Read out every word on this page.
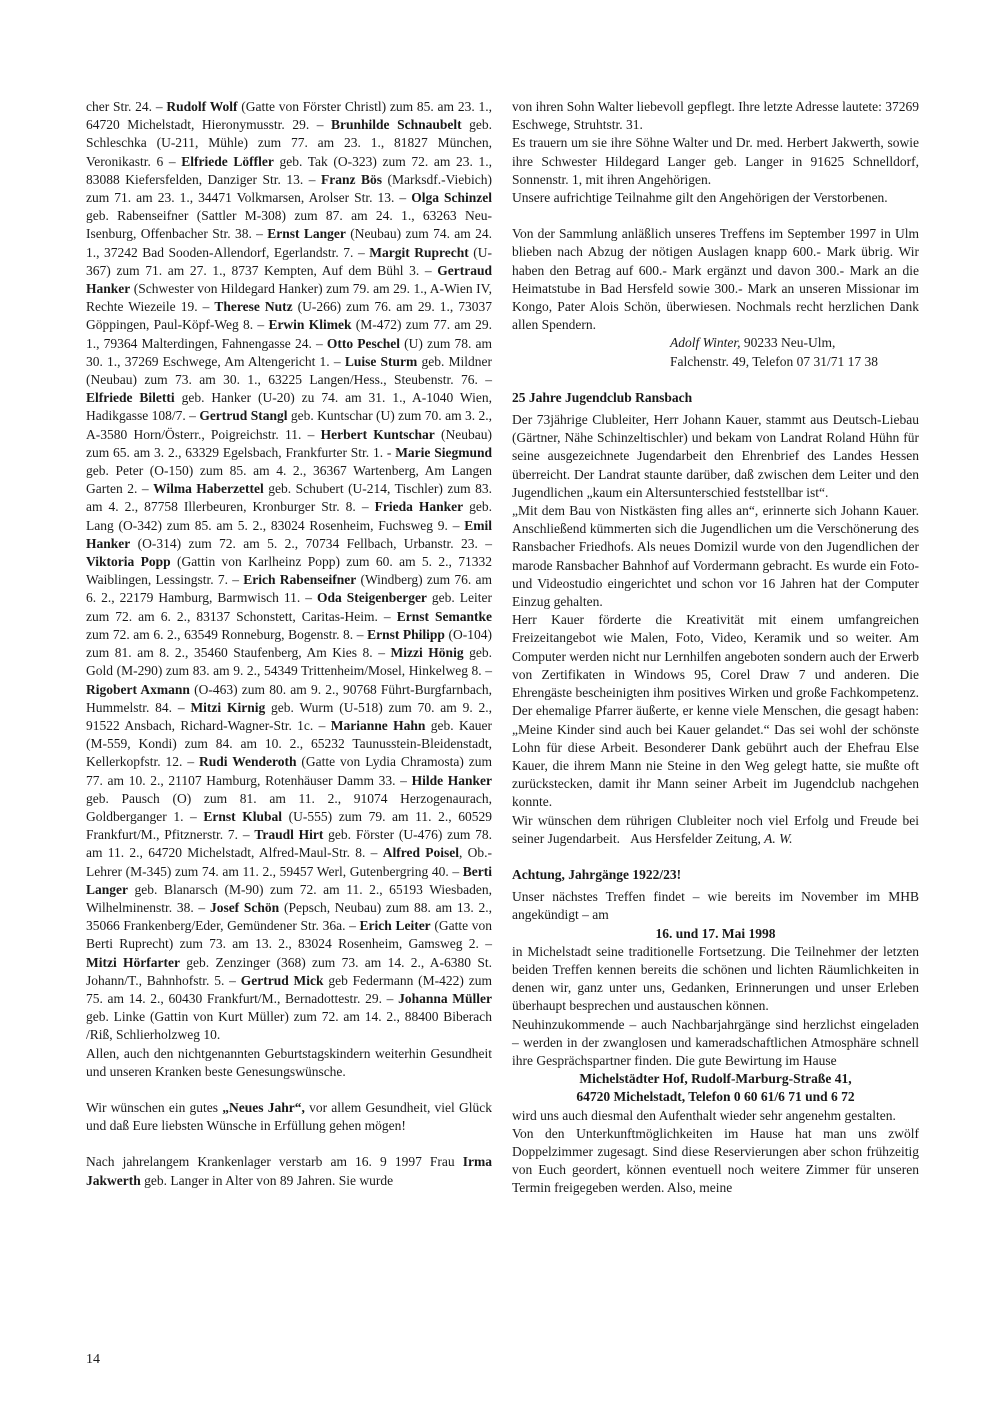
cher Str. 24. – Rudolf Wolf (Gatte von Förster Christl) zum 85. am 23. 1., 64720 Michelstadt, Hieronymusstr. 29. – Brunhilde Schnaubelt geb. Schleschka (U-211, Mühle) zum 77. am 23. 1., 81827 München, Veronikastr. 6 – Elfriede Löffler geb. Tak (O-323) zum 72. am 23. 1., 83088 Kiefersfelden, Danziger Str. 13. – Franz Bös (Marksdf.-Viebich) zum 71. am 23. 1., 34471 Volkmarsen, Arolser Str. 13. – Olga Schinzel geb. Rabenseifner (Sattler M-308) zum 87. am 24. 1., 63263 Neu-Isenburg, Offenbacher Str. 38. – Ernst Langer (Neubau) zum 74. am 24. 1., 37242 Bad Sooden-Allendorf, Egerlandstr. 7. – Margit Ruprecht (U-367) zum 71. am 27. 1., 8737 Kempten, Auf dem Bühl 3. – Gertraud Hanker (Schwester von Hildegard Hanker) zum 79. am 29. 1., A-Wien IV, Rechte Wiezeile 19. – Therese Nutz (U-266) zum 76. am 29. 1., 73037 Göppingen, Paul-Köpf-Weg 8. – Erwin Klimek (M-472) zum 77. am 29. 1., 79364 Malterdingen, Fahnengasse 24. – Otto Peschel (U) zum 78. am 30. 1., 37269 Eschwege, Am Altengericht 1. – Luise Sturm geb. Mildner (Neubau) zum 73. am 30. 1., 63225 Langen/Hess., Steubenstr. 76. – Elfriede Biletti geb. Hanker (U-20) zu 74. am 31. 1., A-1040 Wien, Hadikgasse 108/7. – Gertrud Stangl geb. Kuntschar (U) zum 70. am 3. 2., A-3580 Horn/Österr., Poigreichstr. 11. – Herbert Kuntschar (Neubau) zum 65. am 3. 2., 63329 Egelsbach, Frankfurter Str. 1. - Marie Siegmund geb. Peter (O-150) zum 85. am 4. 2., 36367 Wartenberg, Am Langen Garten 2. – Wilma Haberzettel geb. Schubert (U-214, Tischler) zum 83. am 4. 2., 87758 Illerbeuren, Kronburger Str. 8. – Frieda Hanker geb. Lang (O-342) zum 85. am 5. 2., 83024 Rosenheim, Fuchsweg 9. – Emil Hanker (O-314) zum 72. am 5. 2., 70734 Fellbach, Urbanstr. 23. – Viktoria Popp (Gattin von Karlheinz Popp) zum 60. am 5. 2., 71332 Waiblingen, Lessingstr. 7. – Erich Rabenseifner (Windberg) zum 76. am 6. 2., 22179 Hamburg, Barmwisch 11. – Oda Steigenberger geb. Leiter zum 72. am 6. 2., 83137 Schonstett, Caritas-Heim. – Ernst Semantke zum 72. am 6. 2., 63549 Ronneburg, Bogenstr. 8. – Ernst Philipp (O-104) zum 81. am 8. 2., 35460 Staufenberg, Am Kies 8. – Mizzi Hönig geb. Gold (M-290) zum 83. am 9. 2., 54349 Trittenheim/Mosel, Hinkelweg 8. – Rigobert Axmann (O-463) zum 80. am 9. 2., 90768 Führt-Burgfarnbach, Hummelstr. 84. – Mitzi Kirnig geb. Wurm (U-518) zum 70. am 9. 2., 91522 Ansbach, Richard-Wagner-Str. 1c. – Marianne Hahn geb. Kauer (M-559, Kondi) zum 84. am 10. 2., 65232 Taunusstein-Bleidenstadt, Kellerkopfstr. 12. – Rudi Wenderoth (Gatte von Lydia Chramosta) zum 77. am 10. 2., 21107 Hamburg, Rotenhäuser Damm 33. – Hilde Hanker geb. Pausch (O) zum 81. am 11. 2., 91074 Herzogenaurach, Goldberganger 1. – Ernst Klubal (U-555) zum 79. am 11. 2., 60529 Frankfurt/M., Pfitznerstr. 7. – Traudl Hirt geb. Förster (U-476) zum 78. am 11. 2., 64720 Michelstadt, Alfred-Maul-Str. 8. – Alfred Poisel, Ob.-Lehrer (M-345) zum 74. am 11. 2., 59457 Werl, Gutenbergring 40. – Berti Langer geb. Blanarsch (M-90) zum 72. am 11. 2., 65193 Wiesbaden, Wilhelminenstr. 38. – Josef Schön (Pepsch, Neubau) zum 88. am 13. 2., 35066 Frankenberg/Eder, Gemündener Str. 36a. – Erich Leiter (Gatte von Berti Ruprecht) zum 73. am 13. 2., 83024 Rosenheim, Gamsweg 2. – Mitzi Hörfarter geb. Zenzinger (368) zum 73. am 14. 2., A-6380 St. Johann/T., Bahnhofstr. 5. – Gertrud Mick geb Federmann (M-422) zum 75. am 14. 2., 60430 Frankfurt/M., Bernadottestr. 29. – Johanna Müller geb. Linke (Gattin von Kurt Müller) zum 72. am 14. 2., 88400 Biberach /Riß, Schlierholzweg 10.

Allen, auch den nichtgenannten Geburtstagskindern weiterhin Gesundheit und unseren Kranken beste Genesungswünsche.

Wir wünschen ein gutes „Neues Jahr“, vor allem Gesundheit, viel Glück und daß Eure liebsten Wünsche in Erfüllung gehen mögen!

Nach jahrelangem Krankenlager verstarb am 16. 9 1997 Frau Irma Jakwerth geb. Langer in Alter von 89 Jahren. Sie wurde

von ihren Sohn Walter liebevoll gepflegt. Ihre letzte Adresse lautete: 37269 Eschwege, Struhtstr. 31.

Es trauern um sie ihre Söhne Walter und Dr. med. Herbert Jakwerth, sowie ihre Schwester Hildegard Langer geb. Langer in 91625 Schnelldorf, Sonnenstr. 1, mit ihren Angehörigen.

Unsere aufrichtige Teilnahme gilt den Angehörigen der Verstorbenen.

Von der Sammlung anläßlich unseres Treffens im September 1997 in Ulm blieben nach Abzug der nötigen Auslagen knapp 600.- Mark übrig. Wir haben den Betrag auf 600.- Mark ergänzt und davon 300.- Mark an die Heimatstube in Bad Hersfeld sowie 300.- Mark an unseren Missionar im Kongo, Pater Alois Schön, überwiesen. Nochmals recht herzlichen Dank allen Spendern.

Adolf Winter, 90233 Neu-Ulm,
Falchenstr. 49, Telefon 07 31/71 17 38

25 Jahre Jugendclub Ransbach

Der 73jährige Clubleiter, Herr Johann Kauer, stammt aus Deutsch-Liebau (Gärtner, Nähe Schinzeltischler) und bekam von Landrat Roland Hühn für seine ausgezeichnete Jugendarbeit den Ehrenbrief des Landes Hessen überreicht. Der Landrat staunte darüber, daß zwischen dem Leiter und den Jugendlichen „kaum ein Altersunterschied feststellbar ist“.

„Mit dem Bau von Nistkästen fing alles an“, erinnerte sich Johann Kauer. Anschließend kümmerten sich die Jugendlichen um die Verschönerung des Ransbacher Friedhofs. Als neues Domizil wurde von den Jugendlichen der marode Ransbacher Bahnhof auf Vordermann gebracht. Es wurde ein Foto- und Videostudio eingerichtet und schon vor 16 Jahren hat der Computer Einzug gehalten.

Herr Kauer förderte die Kreativität mit einem umfangreichen Freizeitangebot wie Malen, Foto, Video, Keramik und so weiter. Am Computer werden nicht nur Lernhilfen angeboten sondern auch der Erwerb von Zertifikaten in Windows 95, Corel Draw 7 und anderen. Die Ehrengäste bescheinigten ihm positives Wirken und große Fachkompetenz. Der ehemalige Pfarrer äußerte, er kenne viele Menschen, die gesagt haben: „Meine Kinder sind auch bei Kauer gelandet.“ Das sei wohl der schönste Lohn für diese Arbeit. Besonderer Dank gebührt auch der Ehefrau Else Kauer, die ihrem Mann nie Steine in den Weg gelegt hatte, sie mußte oft zurückstecken, damit ihr Mann seiner Arbeit im Jugendclub nachgehen konnte.

Wir wünschen dem rührigen Clubleiter noch viel Erfolg und Freude bei seiner Jugendarbeit. Aus Hersfelder Zeitung, A. W.

Achtung, Jahrgänge 1922/23!

Unser nächstes Treffen findet – wie bereits im November im MHB angekündigt – am

16. und 17. Mai 1998

in Michelstadt seine traditionelle Fortsetzung. Die Teilnehmer der letzten beiden Treffen kennen bereits die schönen und lichten Räumlichkeiten in denen wir, ganz unter uns, Gedanken, Erinnerungen und unser Erleben überhaupt besprechen und austauschen können.

Neuhinzukommende – auch Nachbarjahrgänge sind herzlichst eingeladen – werden in der zwanglosen und kameradschaftlichen Atmosphäre schnell ihre Gesprächspartner finden. Die gute Bewirtung im Hause

Michelstädter Hof, Rudolf-Marburg-Straße 41,
64720 Michelstadt, Telefon 0 60 61/6 71 und 6 72

wird uns auch diesmal den Aufenthalt wieder sehr angenehm gestalten.

Von den Unterkunftmöglichkeiten im Hause hat man uns zwölf Doppelzimmer zugesagt. Sind diese Reservierungen aber schon frühzeitig von Euch geordert, können eventuell noch weitere Zimmer für unseren Termin freigegeben werden. Also, meine

14
